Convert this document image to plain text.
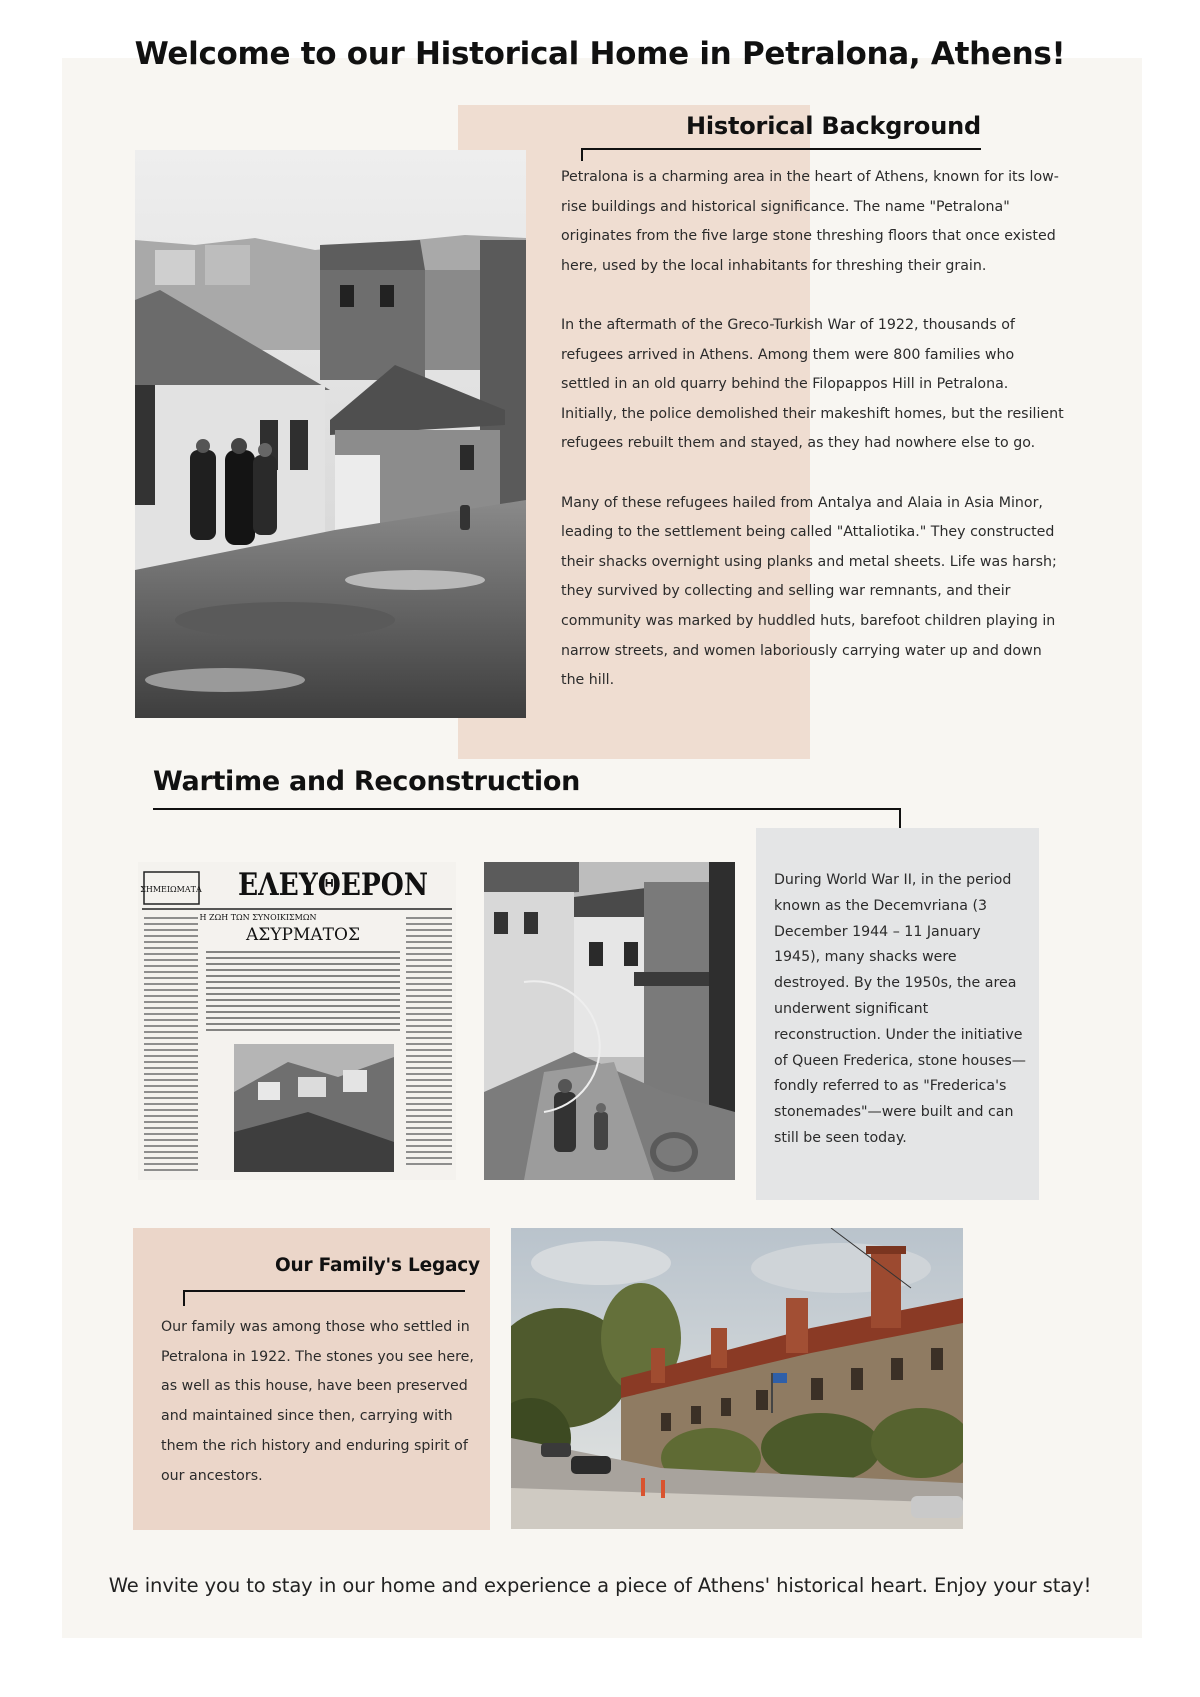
Welcome to our Historical Home in Petralona, Athens!
Historical Background

Petralona is a charming area in the heart of Athens, known for its low-rise buildings and historical significance. The name "Petralona" originates from the five large stone threshing floors that once existed here, used by the local inhabitants for threshing their grain.

In the aftermath of the Greco-Turkish War of 1922, thousands of refugees arrived in Athens. Among them were 800 families who settled in an old quarry behind the Filopappos Hill in Petralona. Initially, the police demolished their makeshift homes, but the resilient refugees rebuilt them and stayed, as they had nowhere else to go.

Many of these refugees hailed from Antalya and Alaia in Asia Minor, leading to the settlement being called "Attaliotika." They constructed their shacks overnight using planks and metal sheets. Life was harsh; they survived by collecting and selling war remnants, and their community was marked by huddled huts, barefoot children playing in narrow streets, and women laboriously carrying water up and down the hill.

Wartime and Reconstruction
ΣΗΜΕΙΩΜΑΤΑ ΕΛΕΥΘΕΡΟΝ
Η ΖΩΗ ΤΩΝ ΣΥΝΟΙΚΙΣΜΩΝ
ΑΣΥΡΜΑΤΟΣ
During World War II, in the period known as the Decemvriana (3 December 1944 – 11 January 1945), many shacks were destroyed. By the 1950s, the area underwent significant reconstruction. Under the initiative of Queen Frederica, stone houses—fondly referred to as "Frederica's stonemades"—were built and can still be seen today.
Our Family's Legacy
Our family was among those who settled in Petralona in 1922. The stones you see here, as well as this house, have been preserved and maintained since then, carrying with them the rich history and enduring spirit of our ancestors.

We invite you to stay in our home and experience a piece of Athens' historical heart. Enjoy your stay!
